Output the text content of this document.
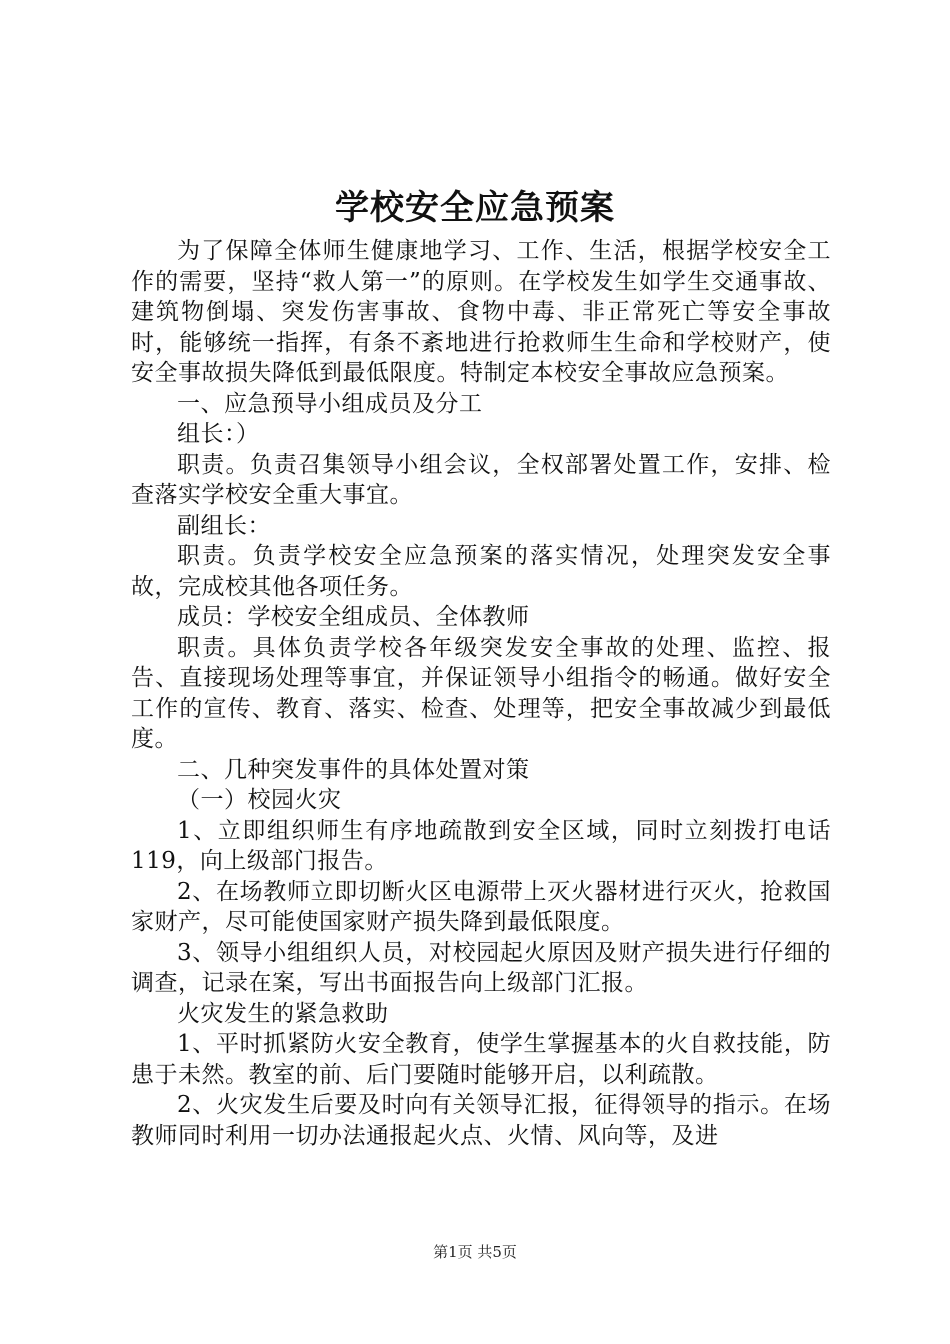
学校安全应急预案

为了保障全体师生健康地学习、工作、生活，根据学校安全工作的需要，坚持“救人第一”的原则。在学校发生如学生交通事故、建筑物倒塌、突发伤害事故、食物中毒、非正常死亡等安全事故时，能够统一指挥，有条不紊地进行抢救师生生命和学校财产，使安全事故损失降低到最低限度。特制定本校安全事故应急预案。

一、应急预导小组成员及分工

组长：）

职责。负责召集领导小组会议，全权部署处置工作，安排、检查落实学校安全重大事宜。

副组长：

职责。负责学校安全应急预案的落实情况，处理突发安全事故，完成校其他各项任务。

成员：学校安全组成员、全体教师

职责。具体负责学校各年级突发安全事故的处理、监控、报告、直接现场处理等事宜，并保证领导小组指令的畅通。做好安全工作的宣传、教育、落实、检查、处理等，把安全事故减少到最低度。

二、几种突发事件的具体处置对策

（一）校园火灾

1、立即组织师生有序地疏散到安全区域，同时立刻拨打电话119，向上级部门报告。

2、在场教师立即切断火区电源带上灭火器材进行灭火，抢救国家财产，尽可能使国家财产损失降到最低限度。

3、领导小组组织人员，对校园起火原因及财产损失进行仔细的调查，记录在案，写出书面报告向上级部门汇报。

火灾发生的紧急救助

1、平时抓紧防火安全教育，使学生掌握基本的火自救技能，防患于未然。教室的前、后门要随时能够开启，以利疏散。

2、火灾发生后要及时向有关领导汇报，征得领导的指示。在场教师同时利用一切办法通报起火点、火情、风向等，及进

第1页 共5页
